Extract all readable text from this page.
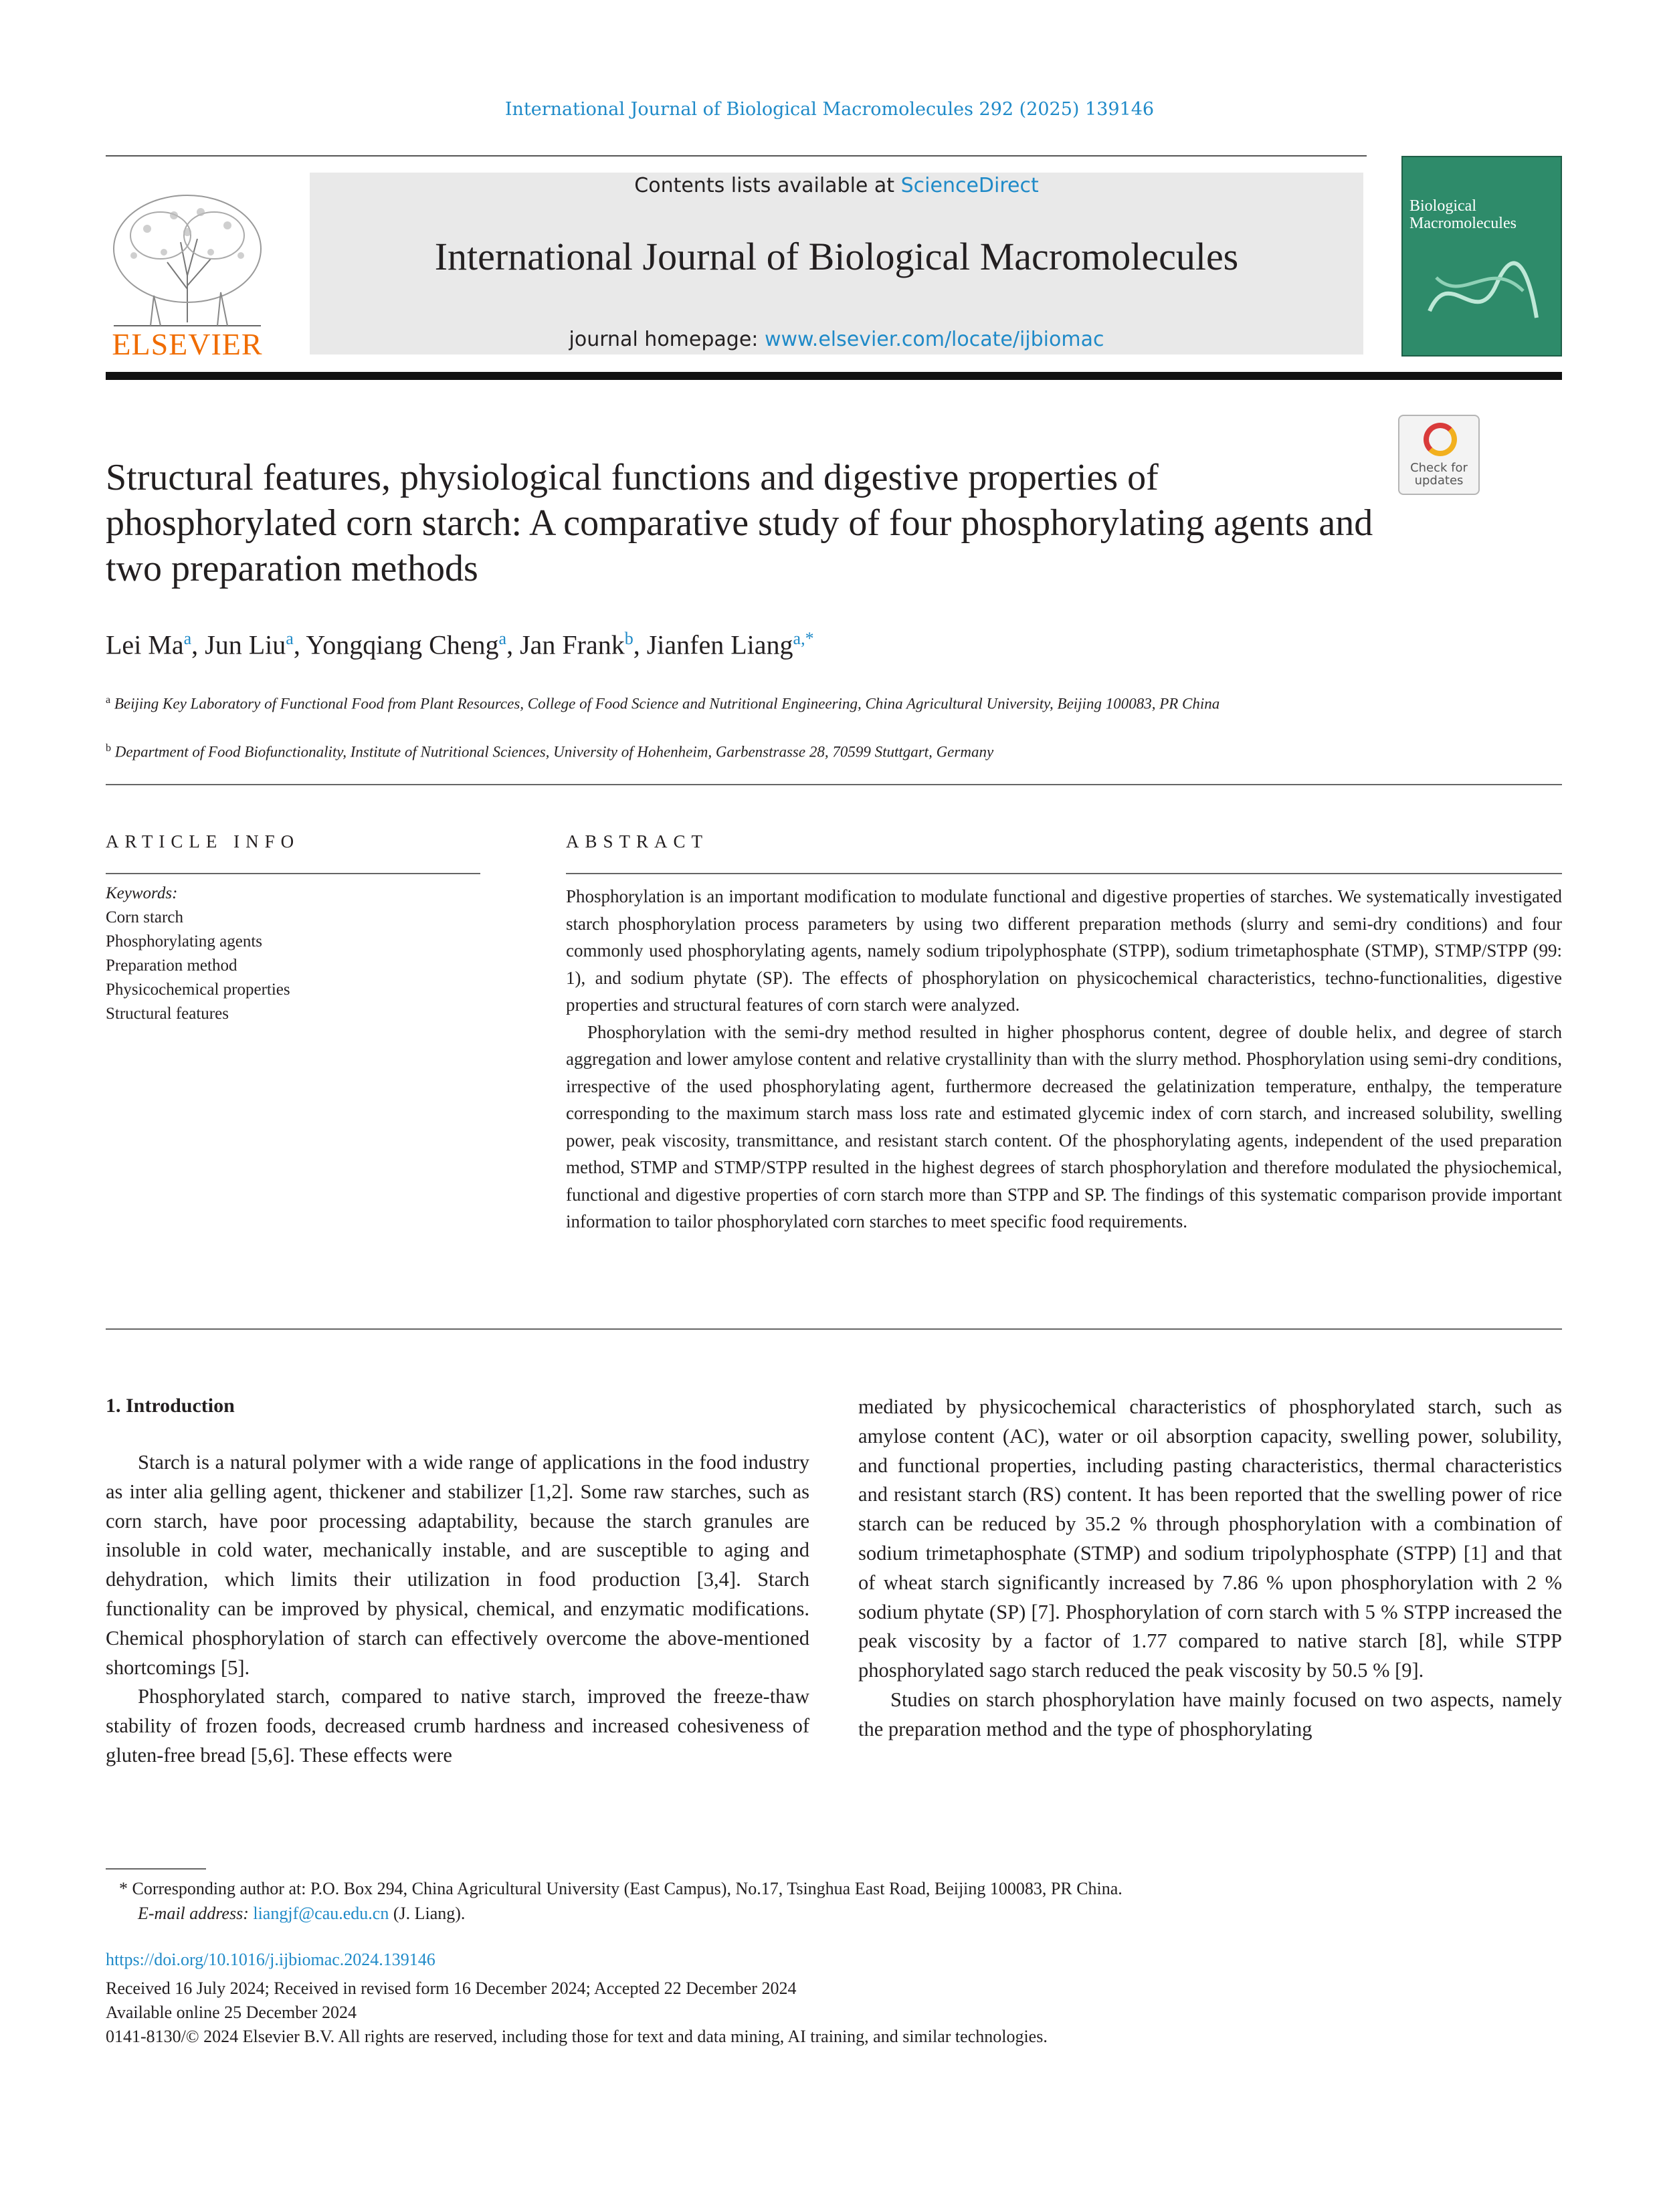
International Journal of Biological Macromolecules 292 (2025) 139146
ELSEVIER
Contents lists available at ScienceDirect
International Journal of Biological Macromolecules
journal homepage: www.elsevier.com/locate/ijbiomac
Biological Macromolecules
Check for updates
Structural features, physiological functions and digestive properties of phosphorylated corn starch: A comparative study of four phosphorylating agents and two preparation methods
Lei Ma$^a$, Jun Liu$^a$, Yongqiang Cheng$^a$, Jan Frank$^b$, Jianfen Liang$^{a,*}$
$^a$ Beijing Key Laboratory of Functional Food from Plant Resources, College of Food Science and Nutritional Engineering, China Agricultural University, Beijing 100083, PR China
$^b$ Department of Food Biofunctionality, Institute of Nutritional Sciences, University of Hohenheim, Garbenstrasse 28, 70599 Stuttgart, Germany
ARTICLE INFO	ABSTRACT
Keywords:
Corn starch
Phosphorylating agents
Preparation method
Physicochemical properties
Structural features

Phosphorylation is an important modification to modulate functional and digestive properties of starches. We systematically investigated starch phosphorylation process parameters by using two different preparation methods (slurry and semi-dry conditions) and four commonly used phosphorylating agents, namely sodium tripolyphosphate (STPP), sodium trimetaphosphate (STMP), STMP/STPP (99: 1), and sodium phytate (SP). The effects of phosphorylation on physicochemical characteristics, techno-functionalities, digestive properties and structural features of corn starch were analyzed.

Phosphorylation with the semi-dry method resulted in higher phosphorus content, degree of double helix, and degree of starch aggregation and lower amylose content and relative crystallinity than with the slurry method. Phosphorylation using semi-dry conditions, irrespective of the used phosphorylating agent, furthermore decreased the gelatinization temperature, enthalpy, the temperature corresponding to the maximum starch mass loss rate and estimated glycemic index of corn starch, and increased solubility, swelling power, peak viscosity, transmittance, and resistant starch content. Of the phosphorylating agents, independent of the used preparation method, STMP and STMP/STPP resulted in the highest degrees of starch phosphorylation and therefore modulated the physiochemical, functional and digestive properties of corn starch more than STPP and SP. The findings of this systematic comparison provide important information to tailor phosphorylated corn starches to meet specific food requirements.

1. Introduction

Starch is a natural polymer with a wide range of applications in the food industry as inter alia gelling agent, thickener and stabilizer [1,2]. Some raw starches, such as corn starch, have poor processing adaptability, because the starch granules are insoluble in cold water, mechanically instable, and are susceptible to aging and dehydration, which limits their utilization in food production [3,4]. Starch functionality can be improved by physical, chemical, and enzymatic modifications. Chemical phosphorylation of starch can effectively overcome the above-mentioned shortcomings [5].

Phosphorylated starch, compared to native starch, improved the freeze-thaw stability of frozen foods, decreased crumb hardness and increased cohesiveness of gluten-free bread [5,6]. These effects were

mediated by physicochemical characteristics of phosphorylated starch, such as amylose content (AC), water or oil absorption capacity, swelling power, solubility, and functional properties, including pasting characteristics, thermal characteristics and resistant starch (RS) content. It has been reported that the swelling power of rice starch can be reduced by 35.2 % through phosphorylation with a combination of sodium trimetaphosphate (STMP) and sodium tripolyphosphate (STPP) [1] and that of wheat starch significantly increased by 7.86 % upon phosphorylation with 2 % sodium phytate (SP) [7]. Phosphorylation of corn starch with 5 % STPP increased the peak viscosity by a factor of 1.77 compared to native starch [8], while STPP phosphorylated sago starch reduced the peak viscosity by 50.5 % [9].

Studies on starch phosphorylation have mainly focused on two aspects, namely the preparation method and the type of phosphorylating

* Corresponding author at: P.O. Box 294, China Agricultural University (East Campus), No.17, Tsinghua East Road, Beijing 100083, PR China.
E-mail address: liangjf@cau.edu.cn (J. Liang).
https://doi.org/10.1016/j.ijbiomac.2024.139146
Received 16 July 2024; Received in revised form 16 December 2024; Accepted 22 December 2024
Available online 25 December 2024
0141-8130/© 2024 Elsevier B.V. All rights are reserved, including those for text and data mining, AI training, and similar technologies.
